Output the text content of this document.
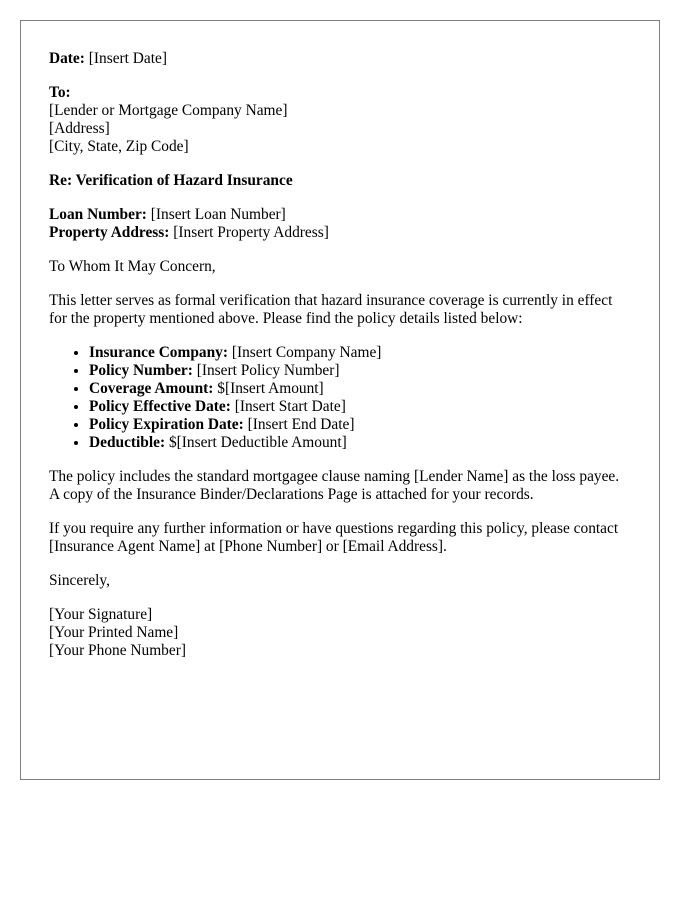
Date: [Insert Date]
To:
[Lender or Mortgage Company Name]
[Address]
[City, State, Zip Code]
Re: Verification of Hazard Insurance
Loan Number: [Insert Loan Number]
Property Address: [Insert Property Address]
To Whom It May Concern,
This letter serves as formal verification that hazard insurance coverage is currently in effect for the property mentioned above. Please find the policy details listed below:
• Insurance Company: [Insert Company Name]
• Policy Number: [Insert Policy Number]
• Coverage Amount: $[Insert Amount]
• Policy Effective Date: [Insert Start Date]
• Policy Expiration Date: [Insert End Date]
• Deductible: $[Insert Deductible Amount]
The policy includes the standard mortgagee clause naming [Lender Name] as the loss payee. A copy of the Insurance Binder/Declarations Page is attached for your records.
If you require any further information or have questions regarding this policy, please contact [Insurance Agent Name] at [Phone Number] or [Email Address].
Sincerely,
[Your Signature]
[Your Printed Name]
[Your Phone Number]
